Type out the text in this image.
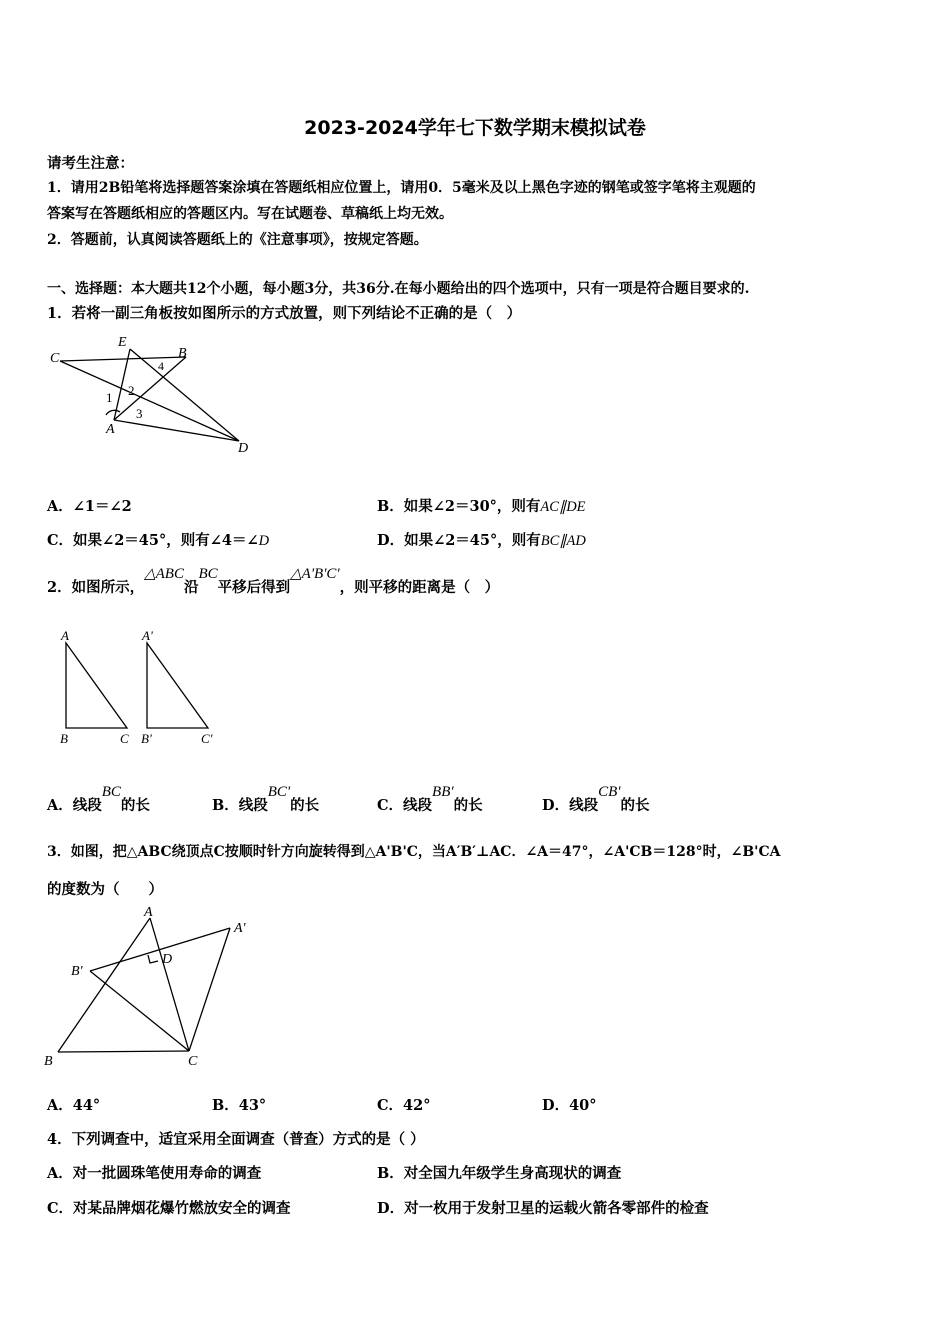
2023-2024学年七下数学期末模拟试卷
请考生注意：
1．请用2B铅笔将选择题答案涂填在答题纸相应位置上，请用0．5毫米及以上黑色字迹的钢笔或签字笔将主观题的
答案写在答题纸相应的答题区内。写在试题卷、草稿纸上均无效。
2．答题前，认真阅读答题纸上的《注意事项》，按规定答题。
一、选择题：本大题共12个小题，每小题3分，共36分.在每小题给出的四个选项中，只有一项是符合题目要求的.
1．若将一副三角板按如图所示的方式放置，则下列结论不正确的是（　）
C
E
B
A
D
1 2
3
4
A．∠1＝∠2	B．如果∠2＝30°，则有AC∥DE
C．如果∠2＝45°，则有∠4＝∠D	D．如果∠2＝45°，则有BC∥AD
2．如图所示，△ABC沿BC平移后得到△A'B'C'，则平移的距离是（　）
A
B	C
A'
B'	C'
A．线段BC的长	B．线段BC'的长	C．线段BB'的长	D．线段CB'的长
3．如图，把△ABC绕顶点C按顺时针方向旋转得到△A'B'C，当A′B′⊥AC．∠A＝47°，∠A'CB＝128°时，∠B'CA
的度数为（　　）
A
A'
B'
D
B	C
A．44°	B．43°	C．42°	D．40°
4．下列调查中，适宜采用全面调查（普查）方式的是（ ）
A．对一批圆珠笔使用寿命的调查	B．对全国九年级学生身高现状的调查
C．对某品牌烟花爆竹燃放安全的调查	D．对一枚用于发射卫星的运载火箭各零部件的检查
